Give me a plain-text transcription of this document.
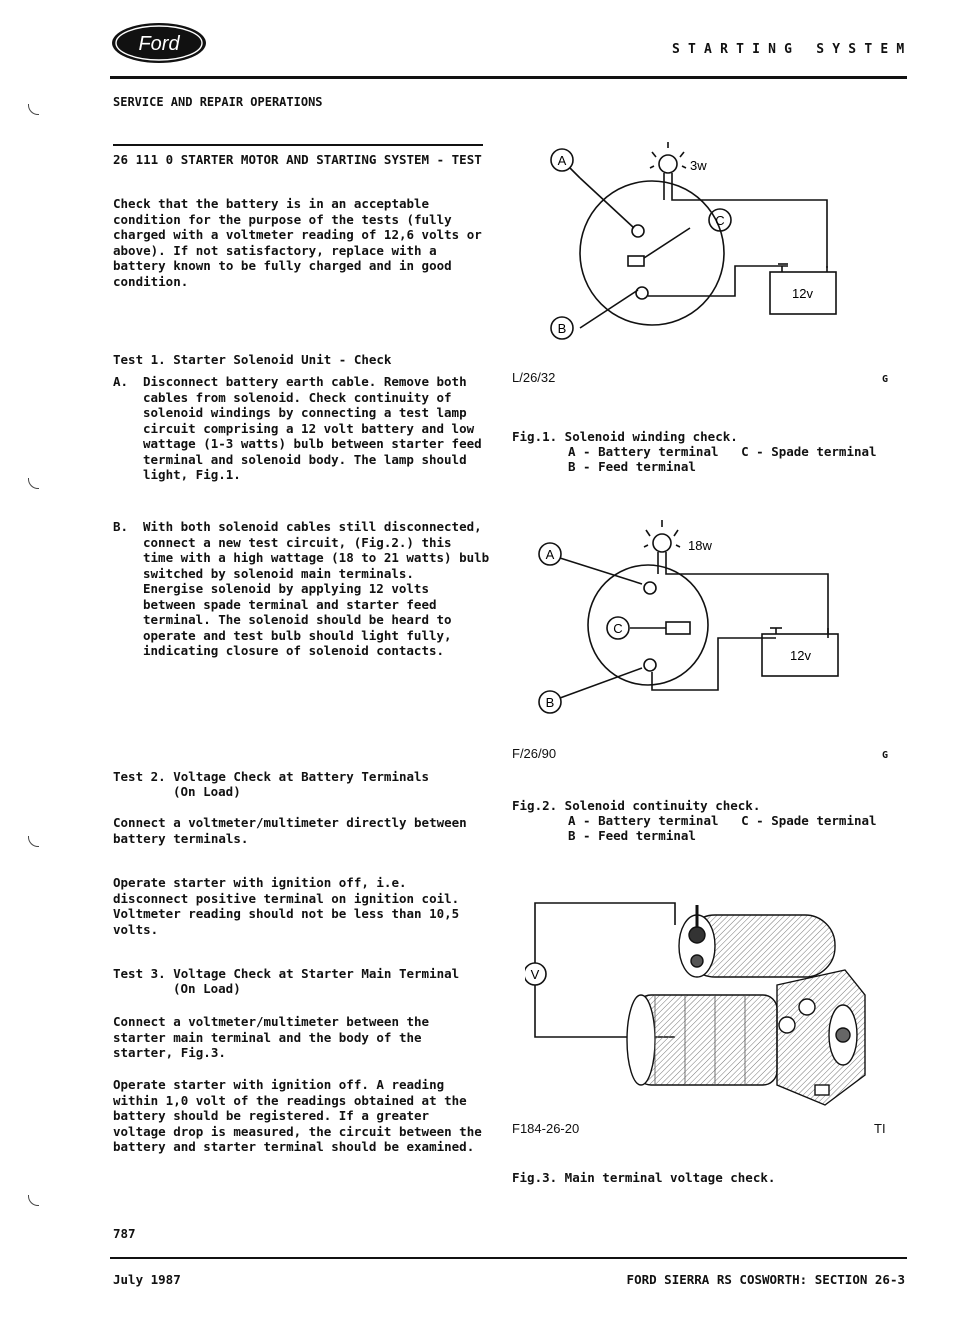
Ford	STARTING SYSTEM
SERVICE AND REPAIR OPERATIONS
26 111 0 STARTER MOTOR AND STARTING SYSTEM - TEST
Check that the battery is in an acceptable
condition for the purpose of the tests (fully
charged with a voltmeter reading of 12,6 volts or
above). If not satisfactory, replace with a
battery known to be fully charged and in good
condition.
Test 1. Starter Solenoid Unit - Check
A. Disconnect battery earth cable. Remove both
cables from solenoid. Check continuity of
solenoid windings by connecting a test lamp
circuit comprising a 12 volt battery and low
wattage (1-3 watts) bulb between starter feed
terminal and solenoid body. The lamp should
light, Fig.1.
B. With both solenoid cables still disconnected,
connect a new test circuit, (Fig.2.) this
time with a high wattage (18 to 21 watts) bulb
switched by solenoid main terminals.
Energise solenoid by applying 12 volts
between spade terminal and starter feed
terminal. The solenoid should be heard to
operate and test bulb should light fully,
indicating closure of solenoid contacts.
Test 2. Voltage Check at Battery Terminals
(On Load)
Connect a voltmeter/multimeter directly between
battery terminals.
Operate starter with ignition off, i.e.
disconnect positive terminal on ignition coil.
Voltmeter reading should not be less than 10,5
volts.
Test 3. Voltage Check at Starter Main Terminal
(On Load)
Connect a voltmeter/multimeter between the
starter main terminal and the body of the
starter, Fig.3.
Operate starter with ignition off. A reading
within 1,0 volt of the readings obtained at the
battery should be registered. If a greater
voltage drop is measured, the circuit between the
battery and starter terminal should be examined.
A
C
B
3w
12v
L/26/32	G
Fig.1. Solenoid winding check.
A - Battery terminal   C - Spade terminal
B - Feed terminal
A
C
B
18w
12v
F/26/90	G
Fig.2. Solenoid continuity check.
A - Battery terminal   C - Spade terminal
B - Feed terminal
V
F184-26-20	TI
Fig.3. Main terminal voltage check.
787
July 1987	FORD SIERRA RS COSWORTH: SECTION 26-3
